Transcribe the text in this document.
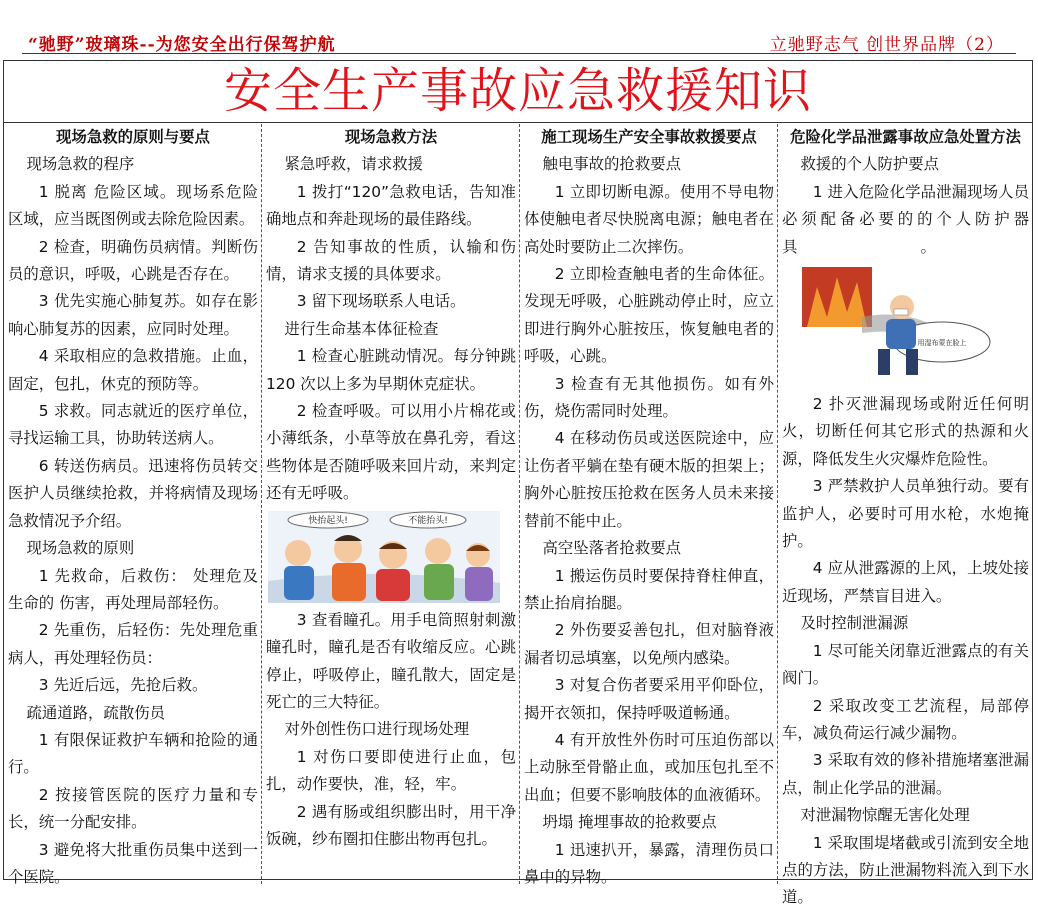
“驰野”玻璃珠--为您安全出行保驾护航	立驰野志气 创世界品牌（2）
安全生产事故应急救援知识
现场急救的原则与要点

现场急救的程序

1 脱离 危险区域。现场系危险区域，应当既图例或去除危险因素。

2 检查，明确伤员病情。判断伤员的意识，呼吸，心跳是否存在。

3 优先实施心肺复苏。如存在影响心肺复苏的因素，应同时处理。

4 采取相应的急救措施。止血，固定，包扎，休克的预防等。

5 求救。同志就近的医疗单位，寻找运输工具，协助转送病人。

6 转送伤病员。迅速将伤员转交医护人员继续抢救，并将病情及现场急救情况予介绍。

现场急救的原则

1 先救命，后救伤： 处理危及生命的 伤害，再处理局部轻伤。

2 先重伤，后轻伤：先处理危重病人，再处理轻伤员：

3 先近后远，先抢后救。

疏通道路，疏散伤员

1 有限保证救护车辆和抢险的通行。

2 按接管医院的医疗力量和专长，统一分配安排。

3 避免将大批重伤员集中送到一个医院。

现场急救方法

紧急呼救，请求救援

1 拨打“120”急救电话，告知准确地点和奔赴现场的最佳路线。

2 告知事故的性质，认输和伤情，请求支援的具体要求。

3 留下现场联系人电话。

进行生命基本体征检查

1 检查心脏跳动情况。每分钟跳 120 次以上多为早期休克症状。

2 检查呼吸。可以用小片棉花或小薄纸条，小草等放在鼻孔旁，看这些物体是否随呼吸来回片动，来判定还有无呼吸。

快抬起头!	不能抬头!

3 查看瞳孔。用手电筒照射刺激瞳孔时，瞳孔是否有收缩反应。心跳停止，呼吸停止，瞳孔散大，固定是死亡的三大特征。

对外创性伤口进行现场处理

1 对伤口要即使进行止血，包扎，动作要快，准，轻，牢。

2 遇有肠或组织膨出时，用干净饭碗，纱布圈扣住膨出物再包扎。

施工现场生产安全事故救援要点

触电事故的抢救要点

1 立即切断电源。使用不导电物体使触电者尽快脱离电源；触电者在高处时要防止二次摔伤。

2 立即检查触电者的生命体征。发现无呼吸，心脏跳动停止时，应立即进行胸外心脏按压，恢复触电者的呼吸，心跳。

3 检查有无其他损伤。如有外伤，烧伤需同时处理。

4 在移动伤员或送医院途中，应让伤者平躺在垫有硬木版的担架上；胸外心脏按压抢救在医务人员未来接替前不能中止。

高空坠落者抢救要点

1 搬运伤员时要保持脊柱伸直，禁止抬肩抬腿。

2 外伤要妥善包扎，但对脑脊液漏者切忌填塞，以免颅内感染。

3 对复合伤者要采用平仰卧位，揭开衣领扣，保持呼吸道畅通。

4 有开放性外伤时可压迫伤部以上动脉至骨骼止血，或加压包扎至不出血；但要不影响肢体的血液循环。

坍塌 掩埋事故的抢救要点

1 迅速扒开，暴露，清理伤员口鼻中的异物。

危险化学品泄露事故应急处置方法

救援的个人防护要点

1 进入危险化学品泄漏现场人员必须配备必要的的个人防护器具　　　　　　　　。

用湿布蒙在脸上

2 扑灭泄漏现场或附近任何明火，切断任何其它形式的热源和火源，降低发生火灾爆炸危险性。

3 严禁救护人员单独行动。要有监护人，必要时可用水枪，水炮掩护。

4 应从泄露源的上风，上坡处接近现场，严禁盲目进入。

及时控制泄漏源

1 尽可能关闭靠近泄露点的有关阀门。

2 采取改变工艺流程，局部停车，减负荷运行减少漏物。

3 采取有效的修补措施堵塞泄漏点，制止化学品的泄漏。

对泄漏物惊醒无害化处理

1 采取围堤堵截或引流到安全地点的方法，防止泄漏物料流入到下水道。
